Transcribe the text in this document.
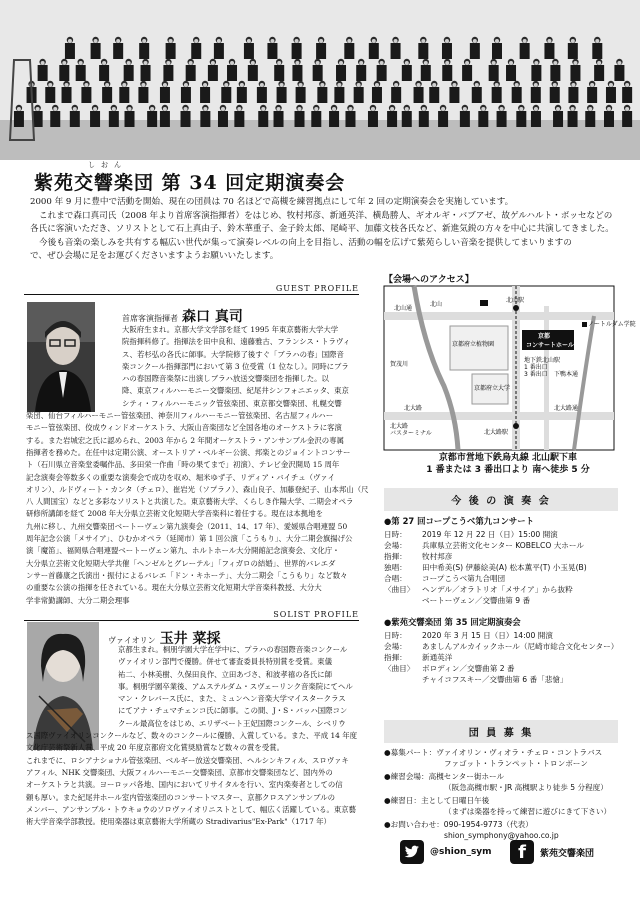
しおん
紫苑交響楽団 第 34 回定期演奏会

2000 年 9 月に豊中で活動を開始、現在の団員は 70 名ほどで高槻を練習拠点にして年 2 回の定期演奏会を実施しています。

これまで森口真司氏（2008 年より首席客演指揮者）をはじめ、牧村邦彦、新通英洋、横島勝人、ギオルギ・バブアゼ、故ゲルハルト・ボッセなどの

各氏に客演いただき、ソリストとして石上真由子、鈴木華重子、金子鈴太郎、尾崎平、加藤文枝各氏など、新進気鋭の方々を中心に共演してきました。

今後も音楽の楽しみを共有する幅広い世代が集って演奏レベルの向上を目指し、活動の幅を広げて紫苑らしい音楽を提供してまいりますの

で、ぜひ会場に足をお運びくださいますようお願いいたします。

GUEST PROFILE
首席客演指揮者 森口 真司
大阪府生まれ。京都大学文学部を経て 1995 年東京藝術大学大学
院指揮科修了。指揮法を田中良和、遠藤雅古、フランシス・トラヴィ
ス、若杉弘の各氏に師事。大学院修了後すぐ「ブラハの春」国際音
楽コンクール指揮部門において第 3 位受賞（1 位なし）。同時にブラ
ハの春国際音楽祭に出演しブラハ放送交響楽団を指揮した。以
降、東京フィルハーモニー交響楽団、紀尾井シンフォニエッタ、東京
シティ・フィルハーモニック管弦楽団、東京都交響楽団、札幌交響
楽団、仙台フィルハーモニー管弦楽団、神奈川フィルハーモニー管弦楽団、名古屋フィルハー
モニー管弦楽団、佼成ウィンドオーケストラ、大阪山音楽団など全国各地のオーケストラに客演
する。また岩城宏之氏に認められ、2003 年から 2 年間オーケストラ・アンサンブル金沢の専属
指揮者を務めた。在任中は定期公演、オーストリア・ベルギー公演、邦楽とのジョイントコンサー
ト（石川県立音楽堂委嘱作品、多田栄一作曲「時の果てまで」初演）、テレビ金沢開局 15 周年
記念演奏会等数多くの重要な演奏会で成功を収め、堀米ゆず子、リディア・バイチュ（ヴァイ
オリン）、ルドヴィート・カンタ（チェロ）、崔岩光（ソプラノ）、森山良子、加藤登紀子、山本邦山（尺
八 人間国宝）などと多彩なソリストと共演した。東京藝術大学、くらしき作陽大学、二期会オペラ
研修所講師を経て 2008 年大分県立芸術文化短期大学音楽科に着任する。現在は本拠地を
九州に移し、九州交響楽団ベートーヴェン第九演奏会（2011、14、17 年）、愛媛県合唱連盟 50
周年記念公演「メサイア」、ひむかオペラ（延岡市）第 1 回公演「こうもり」、大分二期会旗揚げ公
演「魔笛」、福岡県合唱連盟ベートーヴェン第九、ホルトホール大分開館記念演奏会、文化庁・
大分県立芸術文化短期大学共催「ヘンゼルとグレーテル」「フィガロの結婚」、世界的バレエダ
ンサー首藤康之氏演出・振付によるバレエ「ドン・キホーテ」、大分二期会「こうもり」など数々
の重要な公演の指揮を任されている。現在大分県立芸術文化短期大学音楽科教授、大分大
学非常勤講師、大分二期会理事
SOLIST PROFILE
ヴァイオリン 玉井 菜採
京都生まれ。桐朋学園大学在学中に、プラハの春国際音楽コンクール
ヴァイオリン部門で優勝。併せて審査委員長特別賞を受賞。東儀
祐二、小林美樹、久保田良作、立田あづさ、和波孝禧の各氏に師
事。桐朋学園卒業後、アムステルダム・スヴェーリンク音楽院にてヘル
マン・クレバース氏に、また、ミュンヘン音楽大学マイスタークラス
にてアナ・チュマチェンコ氏に師事。この間、J・S・バッハ国際コン
クール最高位をはじめ、エリザベート王妃国際コンクール、シベリウ
ス国際ヴァイオリンコンクールなど、数々のコンクールに優勝、入賞している。また、平成 14 年度
文化庁芸術祭新人賞、平成 20 年度京都府文化賞奨励賞など数々の賞を受賞。
これまでに、ロシアナショナル管弦楽団、ベルギー放送交響楽団、ヘルシンキフィル、スロヴァキ
アフィル、NHK 交響楽団、大阪フィルハーモニー交響楽団、京都市交響楽団など、国内外の
オーケストラと共演。ヨーロッパ各地、国内においてリサイタルを行い、室内楽奏者としての信
頼も厚い。また紀尾井ホール室内管弦楽団のコンサートマスター、京都クロスアンサンブルの
メンバー、アンサンブル・トウキョウのソロヴァイオリニストとして、幅広く活躍している。東京藝
術大学音楽学部教授。使用楽器は東京藝術大学所蔵の Stradivarius"Ex-Park"（1717 年）
【会場へのアクセス】
北山
北山駅
北山通
京都府立植物園
京都
コンサートホール
京都府立大学
北大路	北大路通
北大路バスターミナル	北大路駅
ノートルダム学院
下鴨本通
賀茂川
地下鉄北山駅 1 番出口 3 番出口
京都市営地下鉄烏丸線 北山駅下車
1 番または 3 番出口より 南へ徒歩 5 分
今 後 の 演 奏 会
●第 27 回コープこうべ第九コンサート
日時： 2019 年 12 月 22 日（日）15:00 開演
会場： 兵庫県立芸術文化センター KOBELCO 大ホール
指揮： 牧村邦彦
独唱： 田中希美(S) 伊藤絵美(A) 松本薫平(T) 小玉晃(B)
合唱： コープこうべ第九合唱団
〈曲目〉 ヘンデル／オラトリオ「メサイア」から抜粋
ベートーヴェン／交響曲第 9 番
●紫苑交響楽団 第 35 回定期演奏会
日時： 2020 年 3 月 15 日（日）14:00 開演
会場： あましんアルカイックホール（尼崎市総合文化センター）
指揮： 新通英洋
〈曲目〉 ボロディン／交響曲第 2 番
チャイコフスキー／交響曲第 6 番「悲愴」
団 員 募 集
●募集パート：ヴァイオリン・ヴィオラ・チェロ・コントラバス
ファゴット・トランペット・トロンボーン
●練習会場：高槻センター街ホール
（阪急高槻市駅・JR 高槻駅より徒歩 5 分程度）
●練習日：主として日曜日午後
（まずは楽器を持って練習に遊びにきて下さい）
●お問い合わせ：090-1954-9773（代表）
shion_symphony@yahoo.co.jp
@shion_sym	f	紫苑交響楽団
